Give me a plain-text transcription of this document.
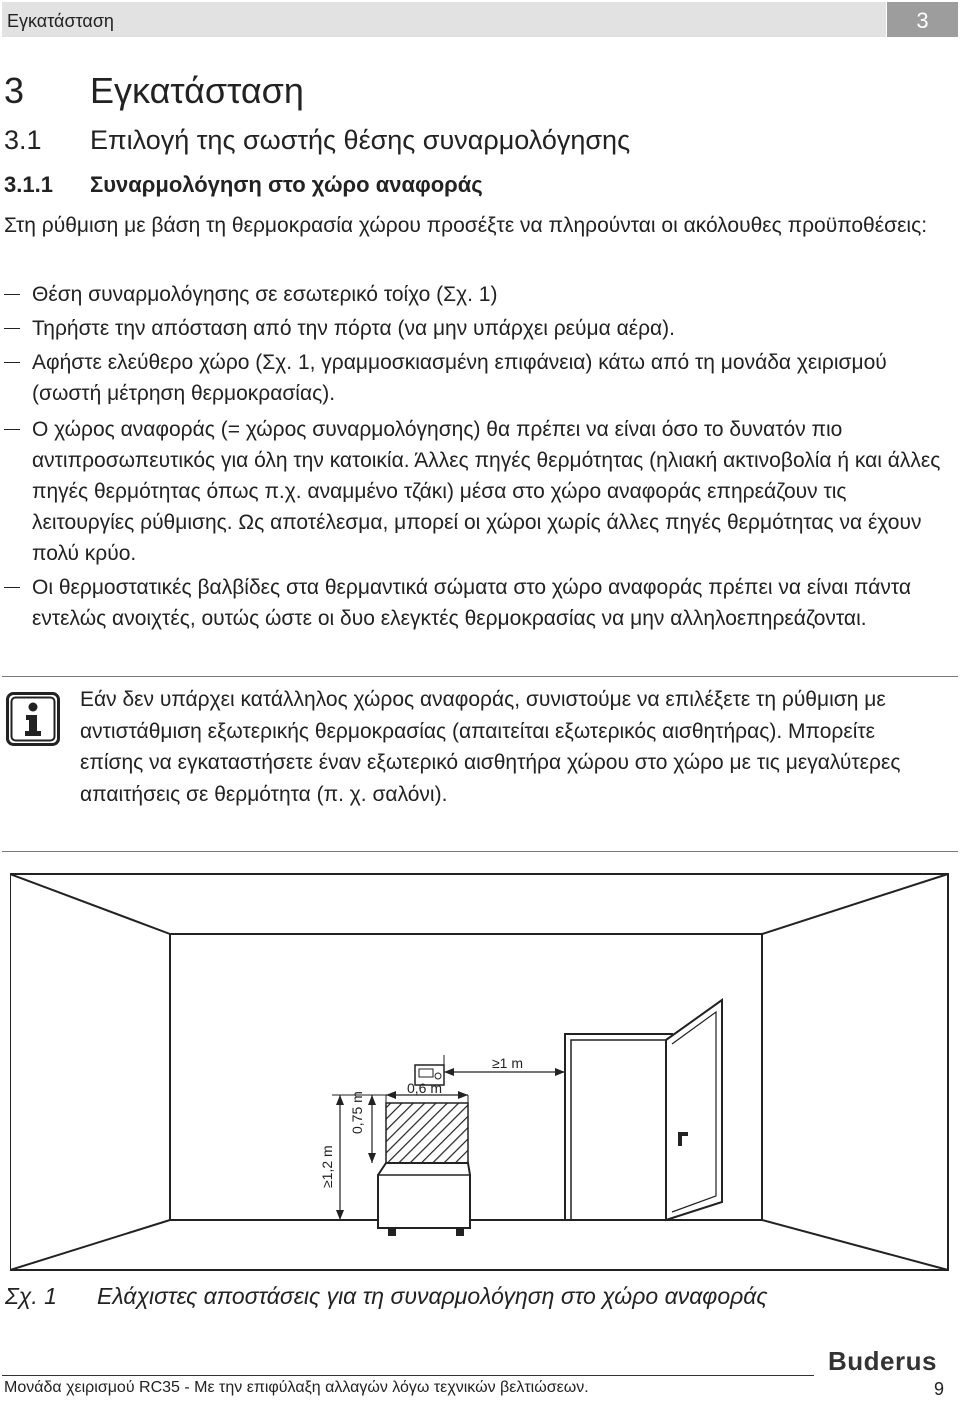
Εγκατάσταση	3
3 Εγκατάσταση
3.1 Επιλογή της σωστής θέσης συναρμολόγησης
3.1.1 Συναρμολόγηση στο χώρο αναφοράς
Στη ρύθμιση με βάση τη θερμοκρασία χώρου προσέξτε να πληρούνται οι ακόλουθες προϋποθέσεις:
Θέση συναρμολόγησης σε εσωτερικό τοίχο (Σχ. 1)
Τηρήστε την απόσταση από την πόρτα (να μην υπάρχει ρεύμα αέρα).
Αφήστε ελεύθερο χώρο (Σχ. 1, γραμμοσκιασμένη επιφάνεια) κάτω από τη μονάδα χειρισμού (σωστή μέτρηση θερμοκρασίας).
Ο χώρος αναφοράς (= χώρος συναρμολόγησης) θα πρέπει να είναι όσο το δυνατόν πιο αντιπροσωπευτικός για όλη την κατοικία. Άλλες πηγές θερμότητας (ηλιακή ακτινοβολία ή και άλλες πηγές θερμότητας όπως π.χ. αναμμένο τζάκι) μέσα στο χώρο αναφοράς επηρεάζουν τις λειτουργίες ρύθμισης. Ως αποτέλεσμα, μπορεί οι χώροι χωρίς άλλες πηγές θερμότητας να έχουν πολύ κρύο.
Οι θερμοστατικές βαλβίδες στα θερμαντικά σώματα στο χώρο αναφοράς πρέπει να είναι πάντα εντελώς ανοιχτές, ουτώς ώστε οι δυο ελεγκτές θερμοκρασίας να μην αλληλοεπηρεάζονται.
Εάν δεν υπάρχει κατάλληλος χώρος αναφοράς, συνιστούμε να επιλέξετε τη ρύθμιση με αντιστάθμιση εξωτερικής θερμοκρασίας (απαιτείται εξωτερικός αισθητήρας). Μπορείτε επίσης να εγκαταστήσετε έναν εξωτερικό αισθητήρα χώρου στο χώρο με τις μεγαλύτερες απαιτήσεις σε θερμότητα (π. χ. σαλόνι).
≥1,2 m
0,75 m
0,6 m
≥1 m
Σχ. 1 Ελάχιστες αποστάσεις για τη συναρμολόγηση στο χώρο αναφοράς
Buderus
Μονάδα χειρισμού RC35 - Με την επιφύλαξη αλλαγών λόγω τεχνικών βελτιώσεων.	9
